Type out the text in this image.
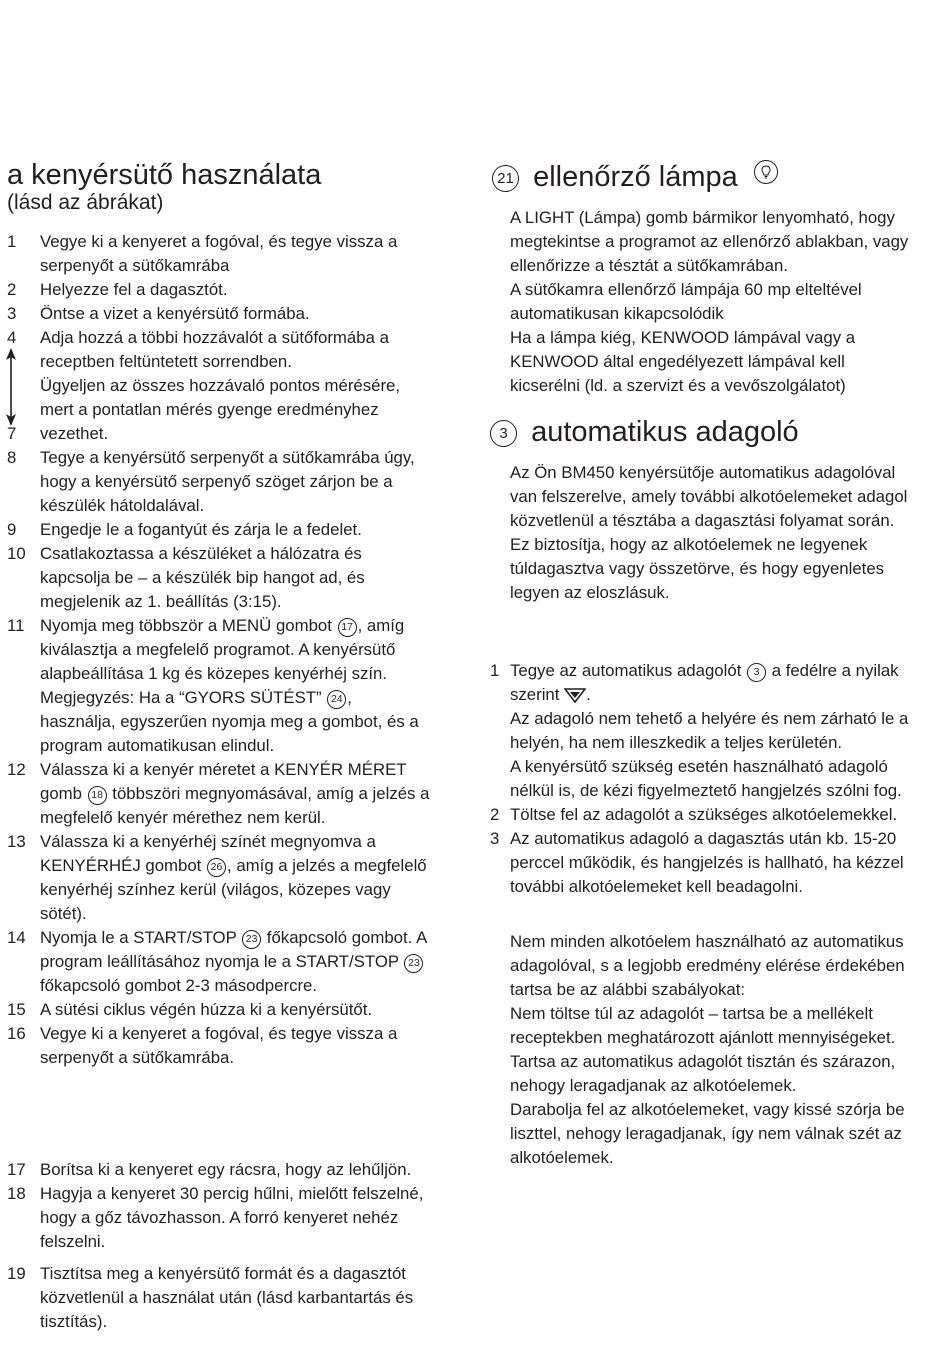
a kenyérsütő használata
(lásd az ábrákat)
1 Vegye ki a kenyeret a fogóval, és tegye vissza a

serpenyőt a sütőkamrába

2 Helyezze fel a dagasztót.

3 Öntse a vizet a kenyérsütő formába.

4 Adja hozzá a többi hozzávalót a sütőformába a

receptben feltüntetett sorrendben.

Ügyeljen az összes hozzávaló pontos mérésére,

mert a pontatlan mérés gyenge eredményhez

7 vezethet.

8 Tegye a kenyérsütő serpenyőt a sütőkamrába úgy,

hogy a kenyérsütő serpenyő szöget zárjon be a

készülék hátoldalával.

9 Engedje le a fogantyút és zárja le a fedelet.

10 Csatlakoztassa a készüléket a hálózatra és

kapcsolja be – a készülék bip hangot ad, és

megjelenik az 1. beállítás (3:15).

11 Nyomja meg többször a MENÜ gombot 17 , amíg

kiválasztja a megfelelő programot. A kenyérsütő

alapbeállítása 1 kg és közepes kenyérhéj szín.

Megjegyzés: Ha a “GYORS SÜTÉST” 24 ,

használja, egyszerűen nyomja meg a gombot, és a

program automatikusan elindul.

12 Válassza ki a kenyér méretet a KENYÉR MÉRET

gomb 18 többszöri megnyomásával, amíg a jelzés a

megfelelő kenyér mérethez nem kerül.

13 Válassza ki a kenyérhéj színét megnyomva a

KENYÉRHÉJ gombot 26 , amíg a jelzés a megfelelő

kenyérhéj színhez kerül (világos, közepes vagy

sötét).

14 Nyomja le a START/STOP 23 főkapcsoló gombot. A

program leállításához nyomja le a START/STOP 23

főkapcsoló gombot 2-3 másodpercre.

15 A sütési ciklus végén húzza ki a kenyérsütőt.

16 Vegye ki a kenyeret a fogóval, és tegye vissza a

serpenyőt a sütőkamrába.

17 Borítsa ki a kenyeret egy rácsra, hogy az lehűljön.

18 Hagyja a kenyeret 30 percig hűlni, mielőtt felszelné,

hogy a gőz távozhasson. A forró kenyeret nehéz

felszelni.

19 Tisztítsa meg a kenyérsütő formát és a dagasztót

közvetlenül a használat után (lásd karbantartás és

tisztítás).

21 ellenőrző lámpa

A LIGHT (Lámpa) gomb bármikor lenyomható, hogy

megtekintse a programot az ellenőrző ablakban, vagy

ellenőrizze a tésztát a sütőkamrában.

A sütőkamra ellenőrző lámpája 60 mp elteltével

automatikusan kikapcsolódik

Ha a lámpa kiég, KENWOOD lámpával vagy a

KENWOOD által engedélyezett lámpával kell

kicserélni (ld. a szervizt és a vevőszolgálatot)

3 automatikus adagoló

Az Ön BM450 kenyérsütője automatikus adagolóval

van felszerelve, amely további alkotóelemeket adagol

közvetlenül a tésztába a dagasztási folyamat során.

Ez biztosítja, hogy az alkotóelemek ne legyenek

túldagasztva vagy összetörve, és hogy egyenletes

legyen az eloszlásuk.

1 Tegye az automatikus adagolót 3 a fedélre a nyilak

szerint .

Az adagoló nem tehető a helyére és nem zárható le a

helyén, ha nem illeszkedik a teljes kerületén.

A kenyérsütő szükség esetén használható adagoló

nélkül is, de kézi figyelmeztető hangjelzés szólni fog.

2 Töltse fel az adagolót a szükséges alkotóelemekkel.

3 Az automatikus adagoló a dagasztás után kb. 15-20

perccel működik, és hangjelzés is hallható, ha kézzel

további alkotóelemeket kell beadagolni.

Nem minden alkotóelem használható az automatikus

adagolóval, s a legjobb eredmény elérése érdekében

tartsa be az alábbi szabályokat:

Nem töltse túl az adagolót – tartsa be a mellékelt

receptekben meghatározott ajánlott mennyiségeket.

Tartsa az automatikus adagolót tisztán és szárazon,

nehogy leragadjanak az alkotóelemek.

Darabolja fel az alkotóelemeket, vagy kissé szórja be

liszttel, nehogy leragadjanak, így nem válnak szét az

alkotóelemek.
